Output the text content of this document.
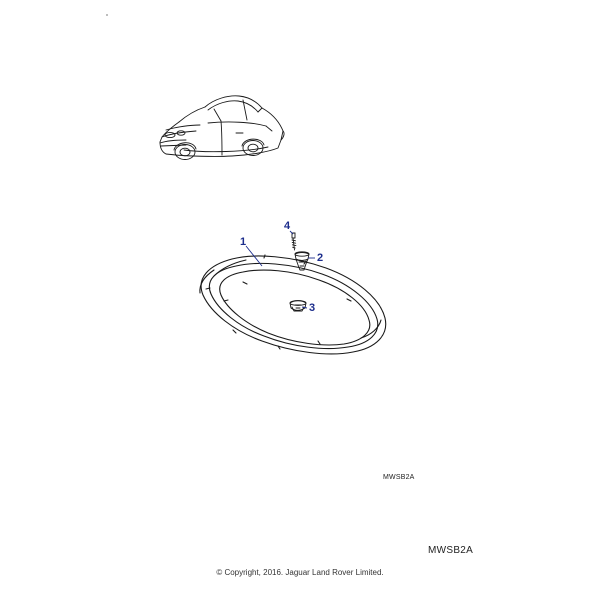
1
2
3
4
MWSB2A
MWSB2A
© Copyright, 2016. Jaguar Land Rover Limited.
